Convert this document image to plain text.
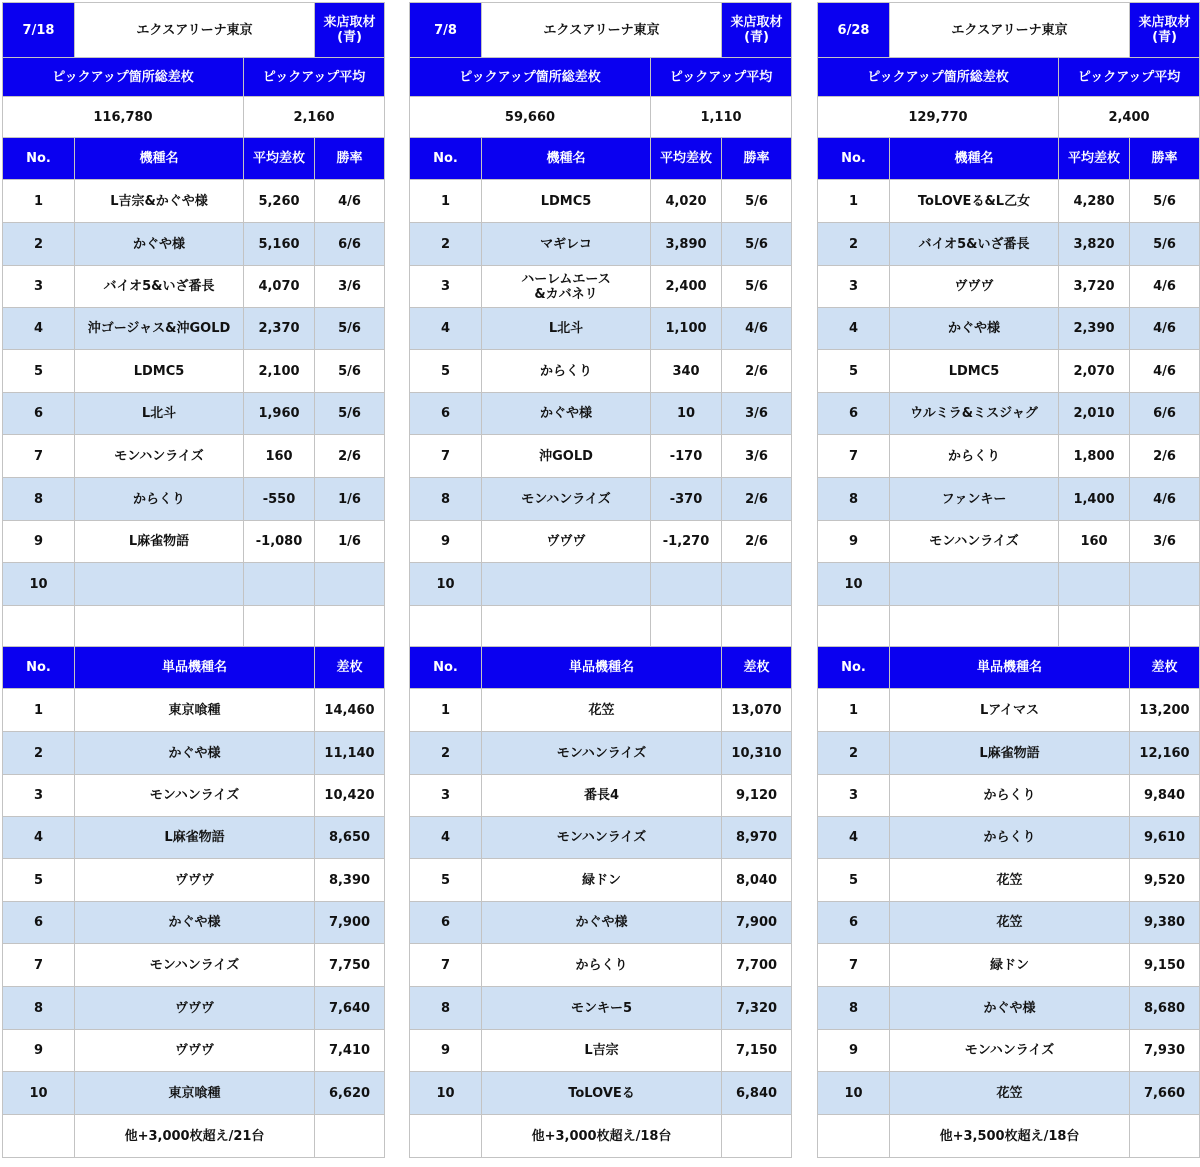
7/18	エクスアリーナ東京		来店取材
(青)
ピックアップ箇所総差枚		ピックアップ平均	
116,780		2,160	
No.	機種名	平均差枚	勝率
1	L吉宗&かぐや様	5,260	4/6
2	かぐや様	5,160	6/6
3	バイオ5&いざ番長	4,070	3/6
4	沖ゴージャス&沖GOLD	2,370	5/6
5	LDMC5	2,100	5/6
6	L北斗	1,960	5/6
7	モンハンライズ	160	2/6
8	からくり	-550	1/6
9	L麻雀物語	-1,080	1/6
10			

No.	単品機種名		差枚
1	東京喰種		14,460
2	かぐや様		11,140
3	モンハンライズ		10,420
4	L麻雀物語		8,650
5	ヴヴヴ		8,390
6	かぐや様		7,900
7	モンハンライズ		7,750
8	ヴヴヴ		7,640
9	ヴヴヴ		7,410
10	東京喰種		6,620
	他+3,000枚超え/21台		
7/8	エクスアリーナ東京		来店取材
(青)
ピックアップ箇所総差枚		ピックアップ平均	
59,660		1,110	
No.	機種名	平均差枚	勝率
1	LDMC5	4,020	5/6
2	マギレコ	3,890	5/6
3	ハーレムエース
&カバネリ	2,400	5/6
4	L北斗	1,100	4/6
5	からくり	340	2/6
6	かぐや様	10	3/6
7	沖GOLD	-170	3/6
8	モンハンライズ	-370	2/6
9	ヴヴヴ	-1,270	2/6
10			

No.	単品機種名		差枚
1	花笠		13,070
2	モンハンライズ		10,310
3	番長4		9,120
4	モンハンライズ		8,970
5	緑ドン		8,040
6	かぐや様		7,900
7	からくり		7,700
8	モンキー5		7,320
9	L吉宗		7,150
10	ToLOVEる		6,840
	他+3,000枚超え/18台		
6/28	エクスアリーナ東京		来店取材
(青)
ピックアップ箇所総差枚		ピックアップ平均	
129,770		2,400	
No.	機種名	平均差枚	勝率
1	ToLOVEる&L乙女	4,280	5/6
2	バイオ5&いざ番長	3,820	5/6
3	ヴヴヴ	3,720	4/6
4	かぐや様	2,390	4/6
5	LDMC5	2,070	4/6
6	ウルミラ&ミスジャグ	2,010	6/6
7	からくり	1,800	2/6
8	ファンキー	1,400	4/6
9	モンハンライズ	160	3/6
10			

No.	単品機種名		差枚
1	Lアイマス		13,200
2	L麻雀物語		12,160
3	からくり		9,840
4	からくり		9,610
5	花笠		9,520
6	花笠		9,380
7	緑ドン		9,150
8	かぐや様		8,680
9	モンハンライズ		7,930
10	花笠		7,660
	他+3,500枚超え/18台		
